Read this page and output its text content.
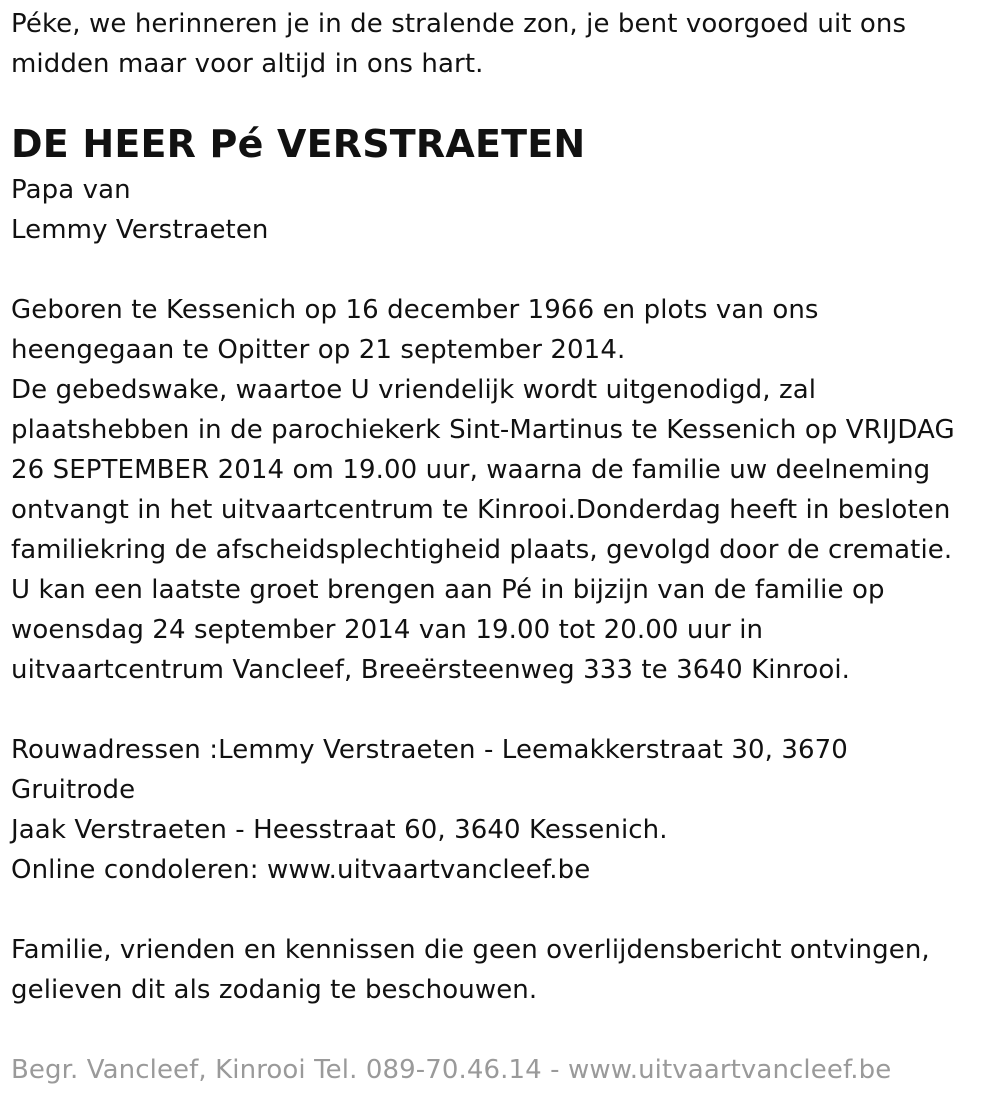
Péke, we herinneren je in de stralende zon, je bent voorgoed uit ons
midden maar voor altijd in ons hart.
DE HEER Pé VERSTRAETEN
Papa van
Lemmy Verstraeten
Geboren te Kessenich op 16 december 1966 en plots van ons
heengegaan te Opitter op 21 september 2014.
De gebedswake, waartoe U vriendelijk wordt uitgenodigd, zal
plaatshebben in de parochiekerk Sint-Martinus te Kessenich op VRIJDAG
26 SEPTEMBER 2014 om 19.00 uur, waarna de familie uw deelneming
ontvangt in het uitvaartcentrum te Kinrooi.Donderdag heeft in besloten
familiekring de afscheidsplechtigheid plaats, gevolgd door de crematie.
U kan een laatste groet brengen aan Pé in bijzijn van de familie op
woensdag 24 september 2014 van 19.00 tot 20.00 uur in
uitvaartcentrum Vancleef, Breeërsteenweg 333 te 3640 Kinrooi.
Rouwadressen :Lemmy Verstraeten - Leemakkerstraat 30, 3670
Gruitrode
Jaak Verstraeten - Heesstraat 60, 3640 Kessenich.
Online condoleren: www.uitvaartvancleef.be
Familie, vrienden en kennissen die geen overlijdensbericht ontvingen,
gelieven dit als zodanig te beschouwen.
Begr. Vancleef, Kinrooi Tel. 089-70.46.14 - www.uitvaartvancleef.be
